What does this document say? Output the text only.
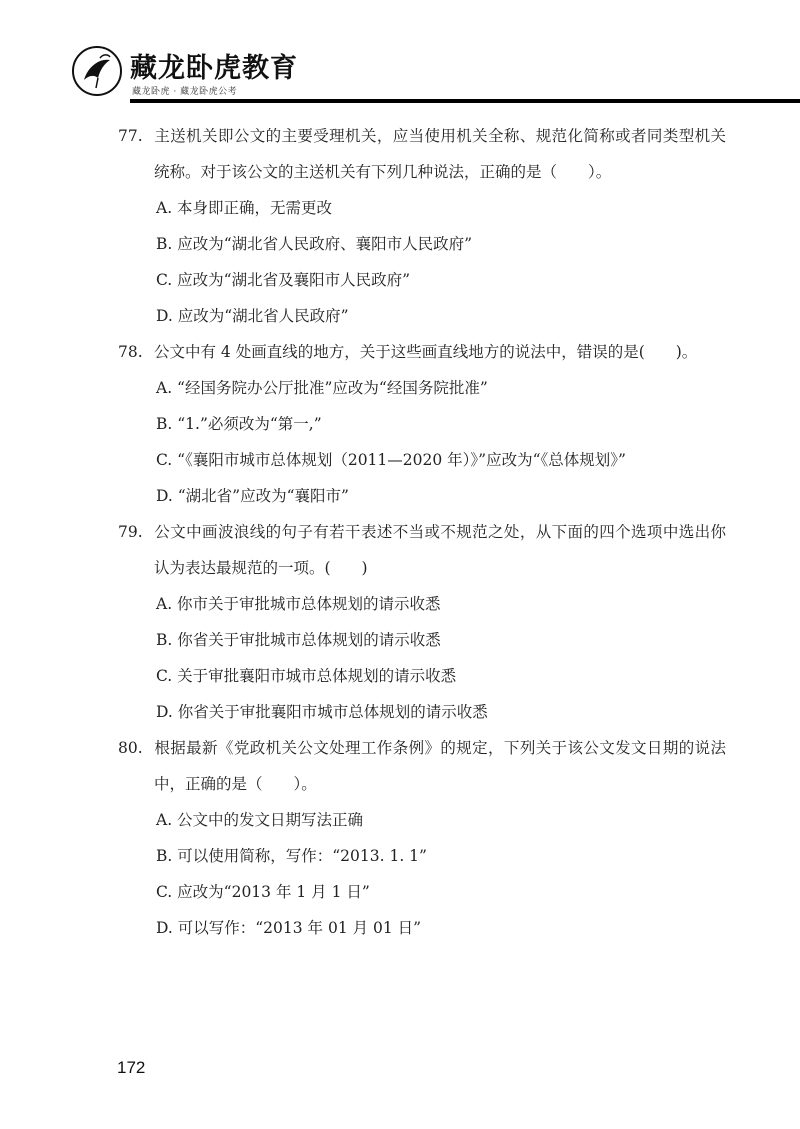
藏龙卧虎教育
藏龙卧虎 · 藏龙卧虎公考
77. 主送机关即公文的主要受理机关，应当使用机关全称、规范化简称或者同类型机关统称。对于该公文的主送机关有下列几种说法，正确的是（　　）。
A. 本身即正确，无需更改
B. 应改为“湖北省人民政府、襄阳市人民政府”
C. 应改为“湖北省及襄阳市人民政府”
D. 应改为“湖北省人民政府”
78. 公文中有 4 处画直线的地方，关于这些画直线地方的说法中，错误的是(　　)。
A. “经国务院办公厅批准”应改为“经国务院批准”
B. “1.”必须改为“第一,”
C. “《襄阳市城市总体规划（2011—2020 年）》”应改为“《总体规划》”
D. “湖北省”应改为“襄阳市”
79. 公文中画波浪线的句子有若干表述不当或不规范之处，从下面的四个选项中选出你认为表达最规范的一项。(　　)
A. 你市关于审批城市总体规划的请示收悉
B. 你省关于审批城市总体规划的请示收悉
C. 关于审批襄阳市城市总体规划的请示收悉
D. 你省关于审批襄阳市城市总体规划的请示收悉
80. 根据最新《党政机关公文处理工作条例》的规定，下列关于该公文发文日期的说法中，正确的是（　　）。
A. 公文中的发文日期写法正确
B. 可以使用简称，写作：“2013. 1. 1”
C. 应改为“2013 年 1 月 1 日”
D. 可以写作：“2013 年 01 月 01 日”
172
